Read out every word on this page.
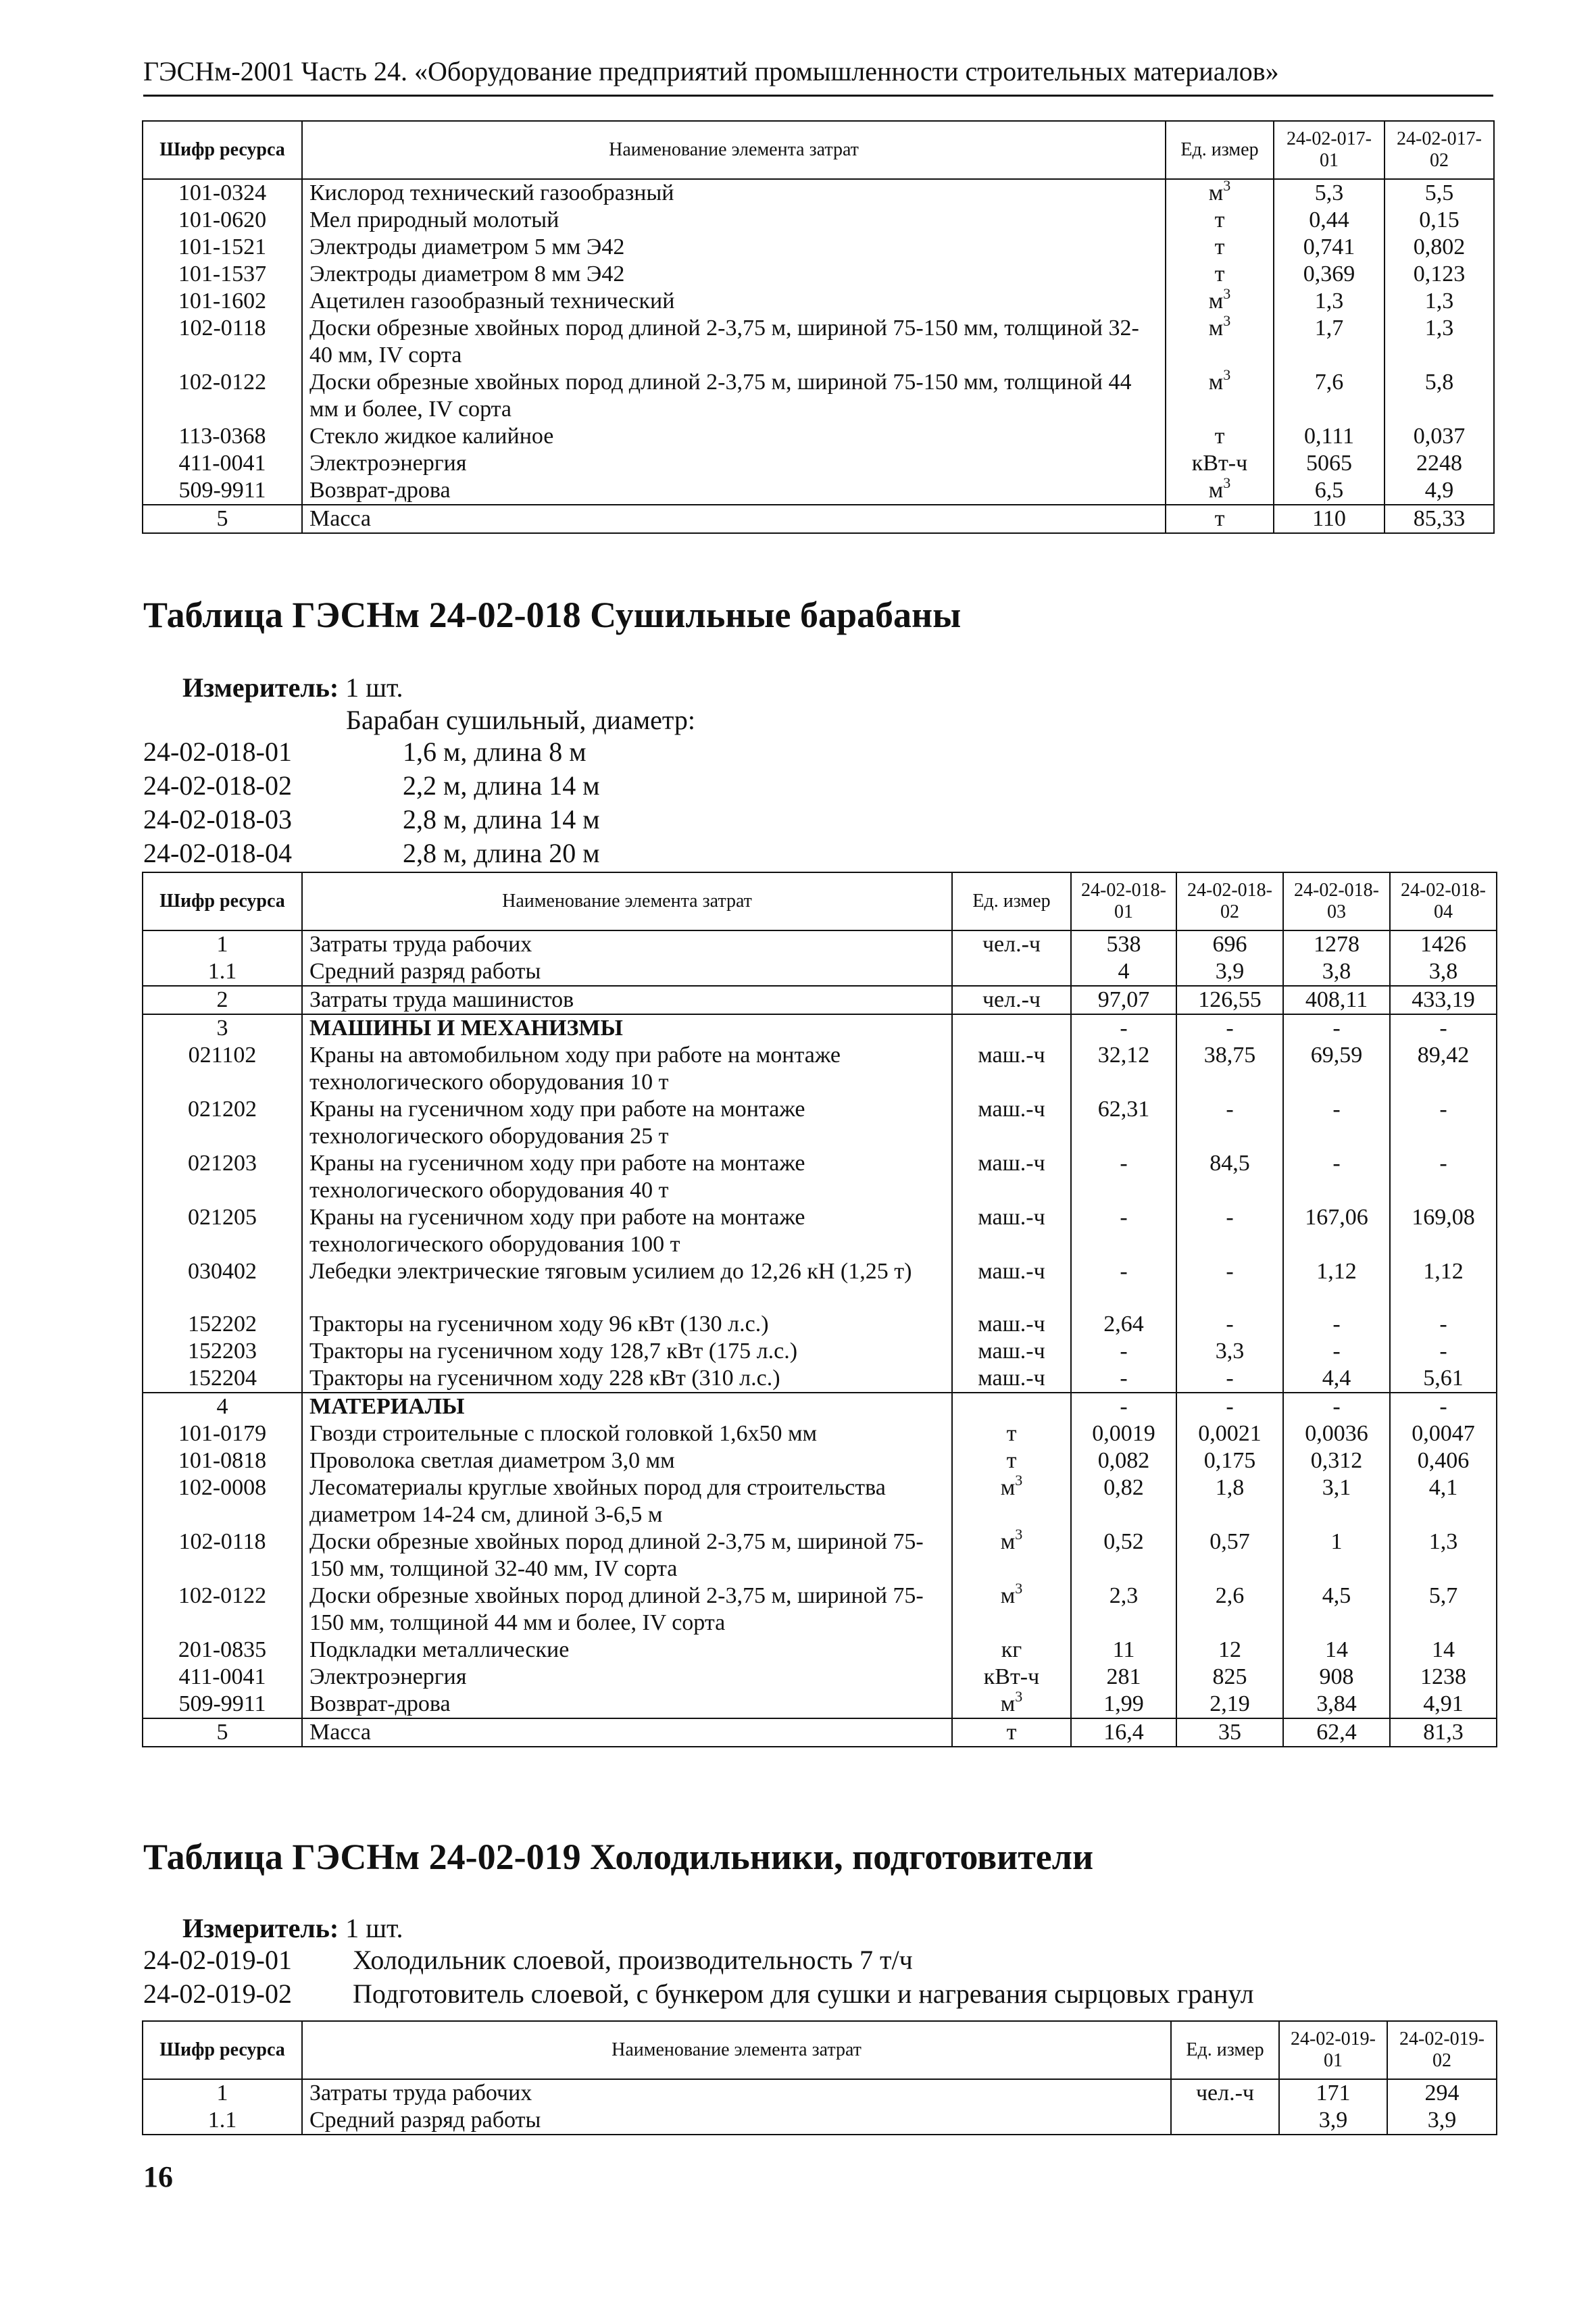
ГЭСНм-2001 Часть 24. «Оборудование предприятий промышленности строительных материалов»
Шифр ресурса	Наименование элемента затрат	Ед. измер	24-02-017-01	24-02-017-02
101-0324	Кислород технический газообразный	$м^3$	5,3	5,5
101-0620	Мел природный молотый	т	0,44	0,15
101-1521	Электроды диаметром 5 мм Э42	т	0,741	0,802
101-1537	Электроды диаметром 8 мм Э42	т	0,369	0,123
101-1602	Ацетилен газообразный технический	$м^3$	1,3	1,3
102-0118	Доски обрезные хвойных пород длиной 2-3,75 м, шириной 75-150 мм, толщиной 32-40 мм, IV сорта	$м^3$	1,7	1,3
102-0122	Доски обрезные хвойных пород длиной 2-3,75 м, шириной 75-150 мм, толщиной 44 мм и более, IV сорта	$м^3$	7,6	5,8
113-0368	Стекло жидкое калийное	т	0,111	0,037
411-0041	Электроэнергия	кВт-ч	5065	2248
509-9911	Возврат-дрова	$м^3$	6,5	4,9
5	Масса	т	110	85,33
Таблица ГЭСНм 24-02-018 Сушильные барабаны
Измеритель: 1 шт.
Барабан сушильный, диаметр:
24-02-018-01	1,6 м, длина 8 м
24-02-018-02	2,2 м, длина 14 м
24-02-018-03	2,8 м, длина 14 м
24-02-018-04	2,8 м, длина 20 м
Шифр ресурса	Наименование элемента затрат	Ед. измер	24-02-018-01	24-02-018-02	24-02-018-03	24-02-018-04
1	Затраты труда рабочих	чел.-ч	538	696	1278	1426
1.1	Средний разряд работы		4	3,9	3,8	3,8
2	Затраты труда машинистов	чел.-ч	97,07	126,55	408,11	433,19
3	МАШИНЫ И МЕХАНИЗМЫ		-	-	-	-
021102	Краны на автомобильном ходу при работе на монтаже технологического оборудования 10 т	маш.-ч	32,12	38,75	69,59	89,42
021202	Краны на гусеничном ходу при работе на монтаже технологического оборудования 25 т	маш.-ч	62,31	-	-	-
021203	Краны на гусеничном ходу при работе на монтаже технологического оборудования 40 т	маш.-ч	-	84,5	-	-
021205	Краны на гусеничном ходу при работе на монтаже технологического оборудования 100 т	маш.-ч	-	-	167,06	169,08
030402	Лебедки электрические тяговым усилием до 12,26 кН (1,25 т)	маш.-ч	-	-	1,12	1,12
152202	Тракторы на гусеничном ходу 96 кВт (130 л.с.)	маш.-ч	2,64	-	-	-
152203	Тракторы на гусеничном ходу 128,7 кВт (175 л.с.)	маш.-ч	-	3,3	-	-
152204	Тракторы на гусеничном ходу 228 кВт (310 л.с.)	маш.-ч	-	-	4,4	5,61
4	МАТЕРИАЛЫ		-	-	-	-
101-0179	Гвозди строительные с плоской головкой 1,6x50 мм	т	0,0019	0,0021	0,0036	0,0047
101-0818	Проволока светлая диаметром 3,0 мм	т	0,082	0,175	0,312	0,406
102-0008	Лесоматериалы круглые хвойных пород для строительства диаметром 14-24 см, длиной 3-6,5 м	$м^3$	0,82	1,8	3,1	4,1
102-0118	Доски обрезные хвойных пород длиной 2-3,75 м, шириной 75-150 мм, толщиной 32-40 мм, IV сорта	$м^3$	0,52	0,57	1	1,3
102-0122	Доски обрезные хвойных пород длиной 2-3,75 м, шириной 75-150 мм, толщиной 44 мм и более, IV сорта	$м^3$	2,3	2,6	4,5	5,7
201-0835	Подкладки металлические	кг	11	12	14	14
411-0041	Электроэнергия	кВт-ч	281	825	908	1238
509-9911	Возврат-дрова	$м^3$	1,99	2,19	3,84	4,91
5	Масса	т	16,4	35	62,4	81,3
Таблица ГЭСНм 24-02-019 Холодильники, подготовители
Измеритель: 1 шт.
24-02-019-01 Холодильник слоевой, производительность 7 т/ч
24-02-019-02 Подготовитель слоевой, с бункером для сушки и нагревания сырцовых гранул
Шифр ресурса	Наименование элемента затрат	Ед. измер	24-02-019-01	24-02-019-02
1	Затраты труда рабочих	чел.-ч	171	294
1.1	Средний разряд работы		3,9	3,9
16
